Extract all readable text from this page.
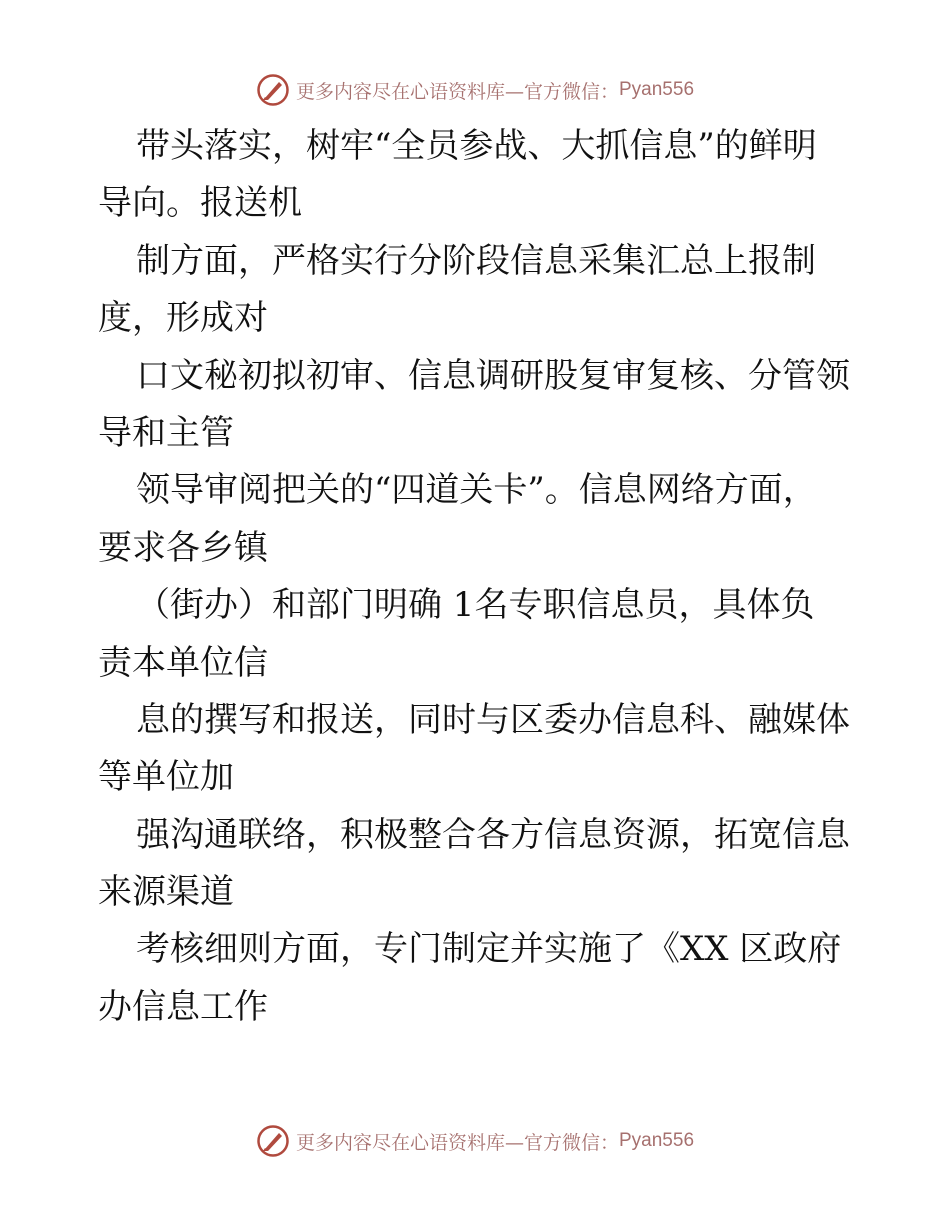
更多内容尽在心语资料库—官方微信： Pyan556
带头落实，树牢“全员参战、大抓信息”的鲜明
导向。报送机
制方面，严格实行分阶段信息采集汇总上报制
度，形成对
口文秘初拟初审、信息调研股复审复核、分管领
导和主管
领导审阅把关的“四道关卡”。信息网络方面，
要求各乡镇
（街办）和部门明确 1名专职信息员，具体负
责本单位信
息的撰写和报送，同时与区委办信息科、融媒体
等单位加
强沟通联络，积极整合各方信息资源，拓宽信息
来源渠道
考核细则方面，专门制定并实施了《XX 区政府
办信息工作
更多内容尽在心语资料库—官方微信： Pyan556
